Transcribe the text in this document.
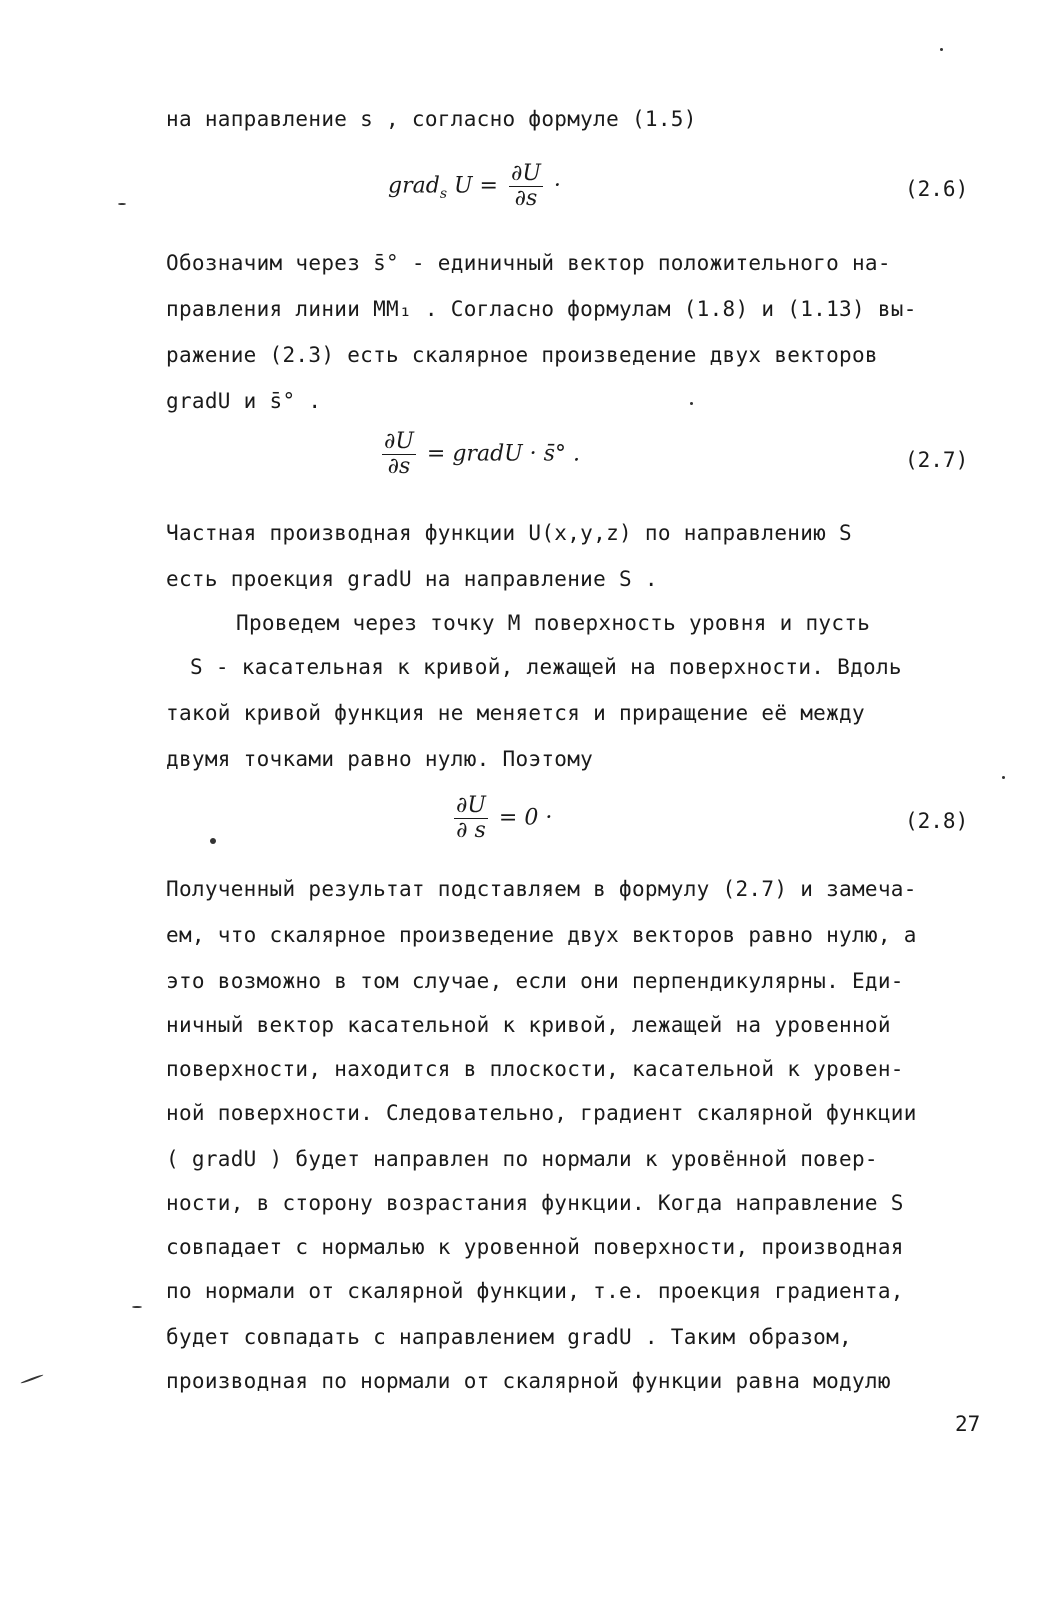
на направление s , согласно формуле (1.5)
grad$_s$ $U = \frac{\partial U}{\partial s}$ ·	(2.6)
Обозначим через s̄° - единичный вектор положительного на-
правления линии ММ₁ . Согласно формулам (1.8) и (1.13) вы-
ражение (2.3) есть скалярное произведение двух векторов
gradU и s̄° .
$\frac{\partial U}{\partial s}$ = gradU · s̄° .	(2.7)
Частная производная функции U(x,y,z) по направлению S
есть проекция gradU на направление S .
Проведем через точку M поверхность уровня и пусть
S - касательная к кривой, лежащей на поверхности. Вдоль
такой кривой функция не меняется и приращение её между
двумя точками равно нулю. Поэтому
$\frac{\partial U}{\partial s} = 0$ ·	(2.8)
Полученный результат подставляем в формулу (2.7) и замеча-
ем, что скалярное произведение двух векторов равно нулю, а
это возможно в том случае, если они перпендикулярны. Еди-
ничный вектор касательной к кривой, лежащей на уровенной
поверхности, находится в плоскости, касательной к уровен-
ной поверхности. Следовательно, градиент скалярной функции
( gradU ) будет направлен по нормали к уровённой повер-
ности, в сторону возрастания функции. Когда направление S
совпадает с нормалью к уровенной поверхности, производная
по нормали от скалярной функции, т.е. проекция градиента,
будет совпадать с направлением gradU . Таким образом,
производная по нормали от скалярной функции равна модулю
27
